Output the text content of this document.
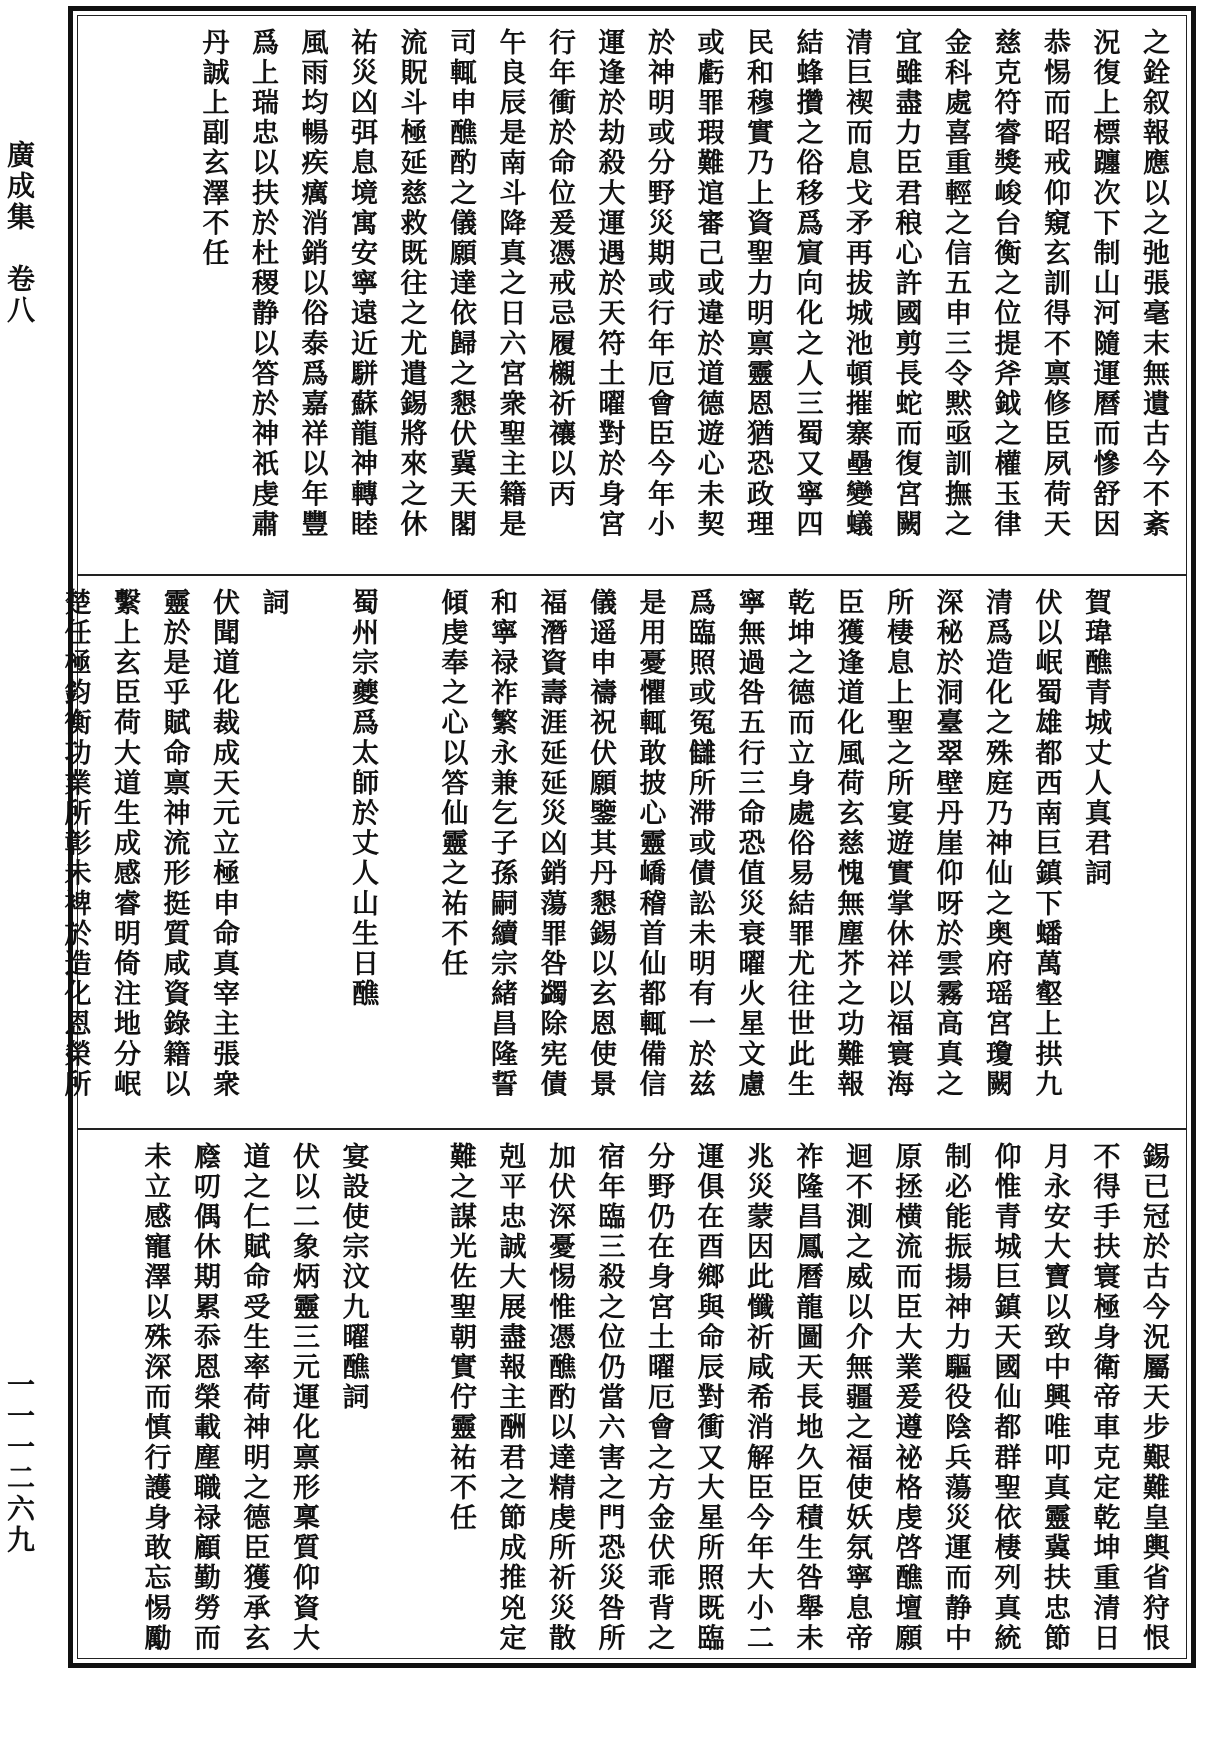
廣成集　卷八
一一一二六九
之銓叙報應以之弛張毫末無遺古今不紊
況復上標躔次下制山河隨運曆而慘舒因
恭惕而昭戒仰窺玄訓得不禀修臣夙荷天
慈克符睿獎峻台衡之位提斧鉞之權玉律
金科處喜重輕之信五申三令黙亟訓撫之
宜雖盡力臣君稂心許國剪長蛇而復宮闕
清巨禊而息戈矛再拔城池頓摧寨壘變蟻
結蜂攢之俗移爲賔向化之人三蜀又寧四
民和穆實乃上資聖力明禀靈恩猶恐政理
或虧罪瑕難逭審己或違於道德遊心未契
於神明或分野災期或行年厄會臣今年小
運逢於劫殺大運遇於天符土曜對於身宮
行年衝於命位爰憑戒忌履櫬祈禳以丙
午良辰是南斗降真之日六宮衆聖主籍是
司輒申醮酌之儀願達依歸之懇伏冀天閣
流貺斗極延慈救既往之尤遣錫將來之休
祐災凶弭息境寓安寧遠近駢蘇龍神轉睦
風雨均暢疾癘消銷以俗泰爲嘉祥以年豐
爲上瑞忠以扶於杜稷静以答於神祇虔肅
丹誠上副玄澤不任
賀瑋醮青城丈人真君詞
伏以岷蜀雄都西南巨鎮下蟠萬壑上拱九
清爲造化之殊庭乃神仙之奥府瑶宮瓊闕
深秘於洞臺翠壁丹崖仰呀於雲霧高真之
所棲息上聖之所宴遊實掌休祥以福寰海
臣獲逢道化風荷玄慈愧無塵芥之功難報
乾坤之德而立身處俗易結罪尤往世此生
寧無過咎五行三命恐值災衰曜火星文慮
爲臨照或冤讎所滞或債訟未明有一於兹
是用憂懼輒敢披心靈嶠稽首仙都輒備信
儀遥申禱祝伏願鑒其丹懇錫以玄恩使景
福潛資壽涯延延災凶銷蕩罪咎蠲除宪債
和寧禄祚繁永兼乞子孫嗣續宗緒昌隆誓
傾虔奉之心以答仙靈之祐不任
蜀州宗夔爲太師於丈人山生日醮
詞
伏聞道化裁成天元立極申命真宰主張衆
靈於是乎賦命禀神流形挺質咸資錄籍以
繫上玄臣荷大道生成感睿明倚注地分岷
楚任極鈞衡功業所彰未裨於造化恩榮所
錫已冠於古今況屬天步艱難皇輿省狩恨
不得手扶寰極身衛帝車克定乾坤重清日
月永安大寶以致中興唯叩真靈冀扶忠節
仰惟青城巨鎮天國仙都群聖依棲列真統
制必能振揚神力驅役陰兵蕩災運而静中
原拯横流而臣大業爰遵祕格虔啓醮壇願
迴不測之威以介無疆之福使妖氛寧息帝
祚隆昌鳳曆龍圖天長地久臣積生咎舉未
兆災蒙因此懺祈咸希消解臣今年大小二
運俱在酉鄉與命辰對衝又大星所照既臨
分野仍在身宮土曜厄會之方金伏乖背之
宿年臨三殺之位仍當六害之門恐災咎所
加伏深憂惕惟憑醮酌以達精虔所祈災散
剋平忠誠大展盡報主酬君之節成推兇定
難之謀光佐聖朝實佇靈祐不任
宴設使宗汶九曜醮詞
伏以二象炳靈三元運化禀形稟質仰資大
道之仁賦命受生率荷神明之德臣獲承玄
廕叨偶休期累忝恩榮載塵職禄顧勤勞而
未立感寵澤以殊深而慎行護身敢忘惕勵
